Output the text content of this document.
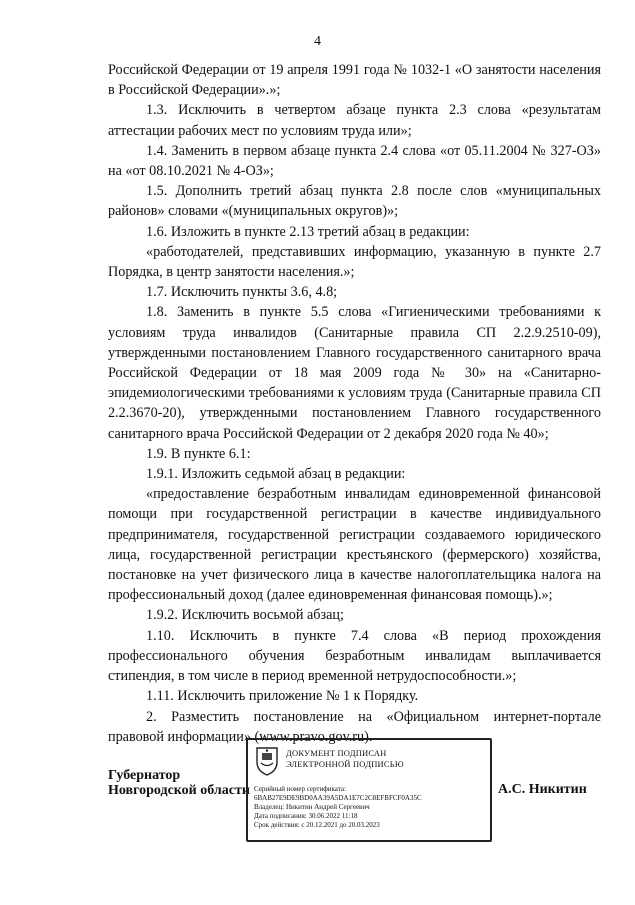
4

Российской Федерации от 19 апреля 1991 года № 1032-1 «О занятости населения в Российской Федерации».»;

1.3. Исключить в четвертом абзаце пункта 2.3 слова «результатам аттестации рабочих мест по условиям труда или»;

1.4. Заменить в первом абзаце пункта 2.4 слова «от 05.11.2004 № 327-ОЗ» на «от 08.10.2021 № 4-ОЗ»;

1.5. Дополнить третий абзац пункта 2.8 после слов «муниципальных районов» словами «(муниципальных округов)»;

1.6. Изложить в пункте 2.13 третий абзац в редакции:

«работодателей, представивших информацию, указанную в пункте 2.7 Порядка, в центр занятости населения.»;

1.7. Исключить пункты 3.6, 4.8;

1.8. Заменить в пункте 5.5 слова «Гигиеническими требованиями к условиям труда инвалидов (Санитарные правила СП 2.2.9.2510-09), утвержденными постановлением Главного государственного санитарного врача Российской Федерации от 18 мая 2009 года № 30» на «Санитарно-эпидемиологическими требованиями к условиям труда (Санитарные правила СП 2.2.3670-20), утвержденными постановлением Главного государственного санитарного врача Российской Федерации от 2 декабря 2020 года № 40»;

1.9. В пункте 6.1:

1.9.1. Изложить седьмой абзац в редакции:

«предоставление безработным инвалидам единовременной финансовой помощи при государственной регистрации в качестве индивидуального предпринимателя, государственной регистрации создаваемого юридического лица, государственной регистрации крестьянского (фермерского) хозяйства, постановке на учет физического лица в качестве налогоплательщика налога на профессиональный доход (далее единовременная финансовая помощь).»;

1.9.2. Исключить восьмой абзац;

1.10. Исключить в пункте 7.4 слова «В период прохождения профессионального обучения безработным инвалидам выплачивается стипендия, в том числе в период временной нетрудоспособности.»;

1.11. Исключить приложение № 1 к Порядку.

2. Разместить постановление на «Официальном интернет-портале правовой информации» (www.pravo.gov.ru).

Губернатор
Новгородской области
ДОКУМЕНТ ПОДПИСАН
ЭЛЕКТРОННОЙ ПОДПИСЬЮ
Серийный номер сертификата:
6BAB27E9DE9BD0AA39A5DA1E7C2C8EFBFCF0A35C
Владелец: Никитин Андрей Сергеевич
Дата подписания: 30.06.2022 11:18
Срок действия: с 20.12.2021 до 20.03.2023
А.С. Никитин
